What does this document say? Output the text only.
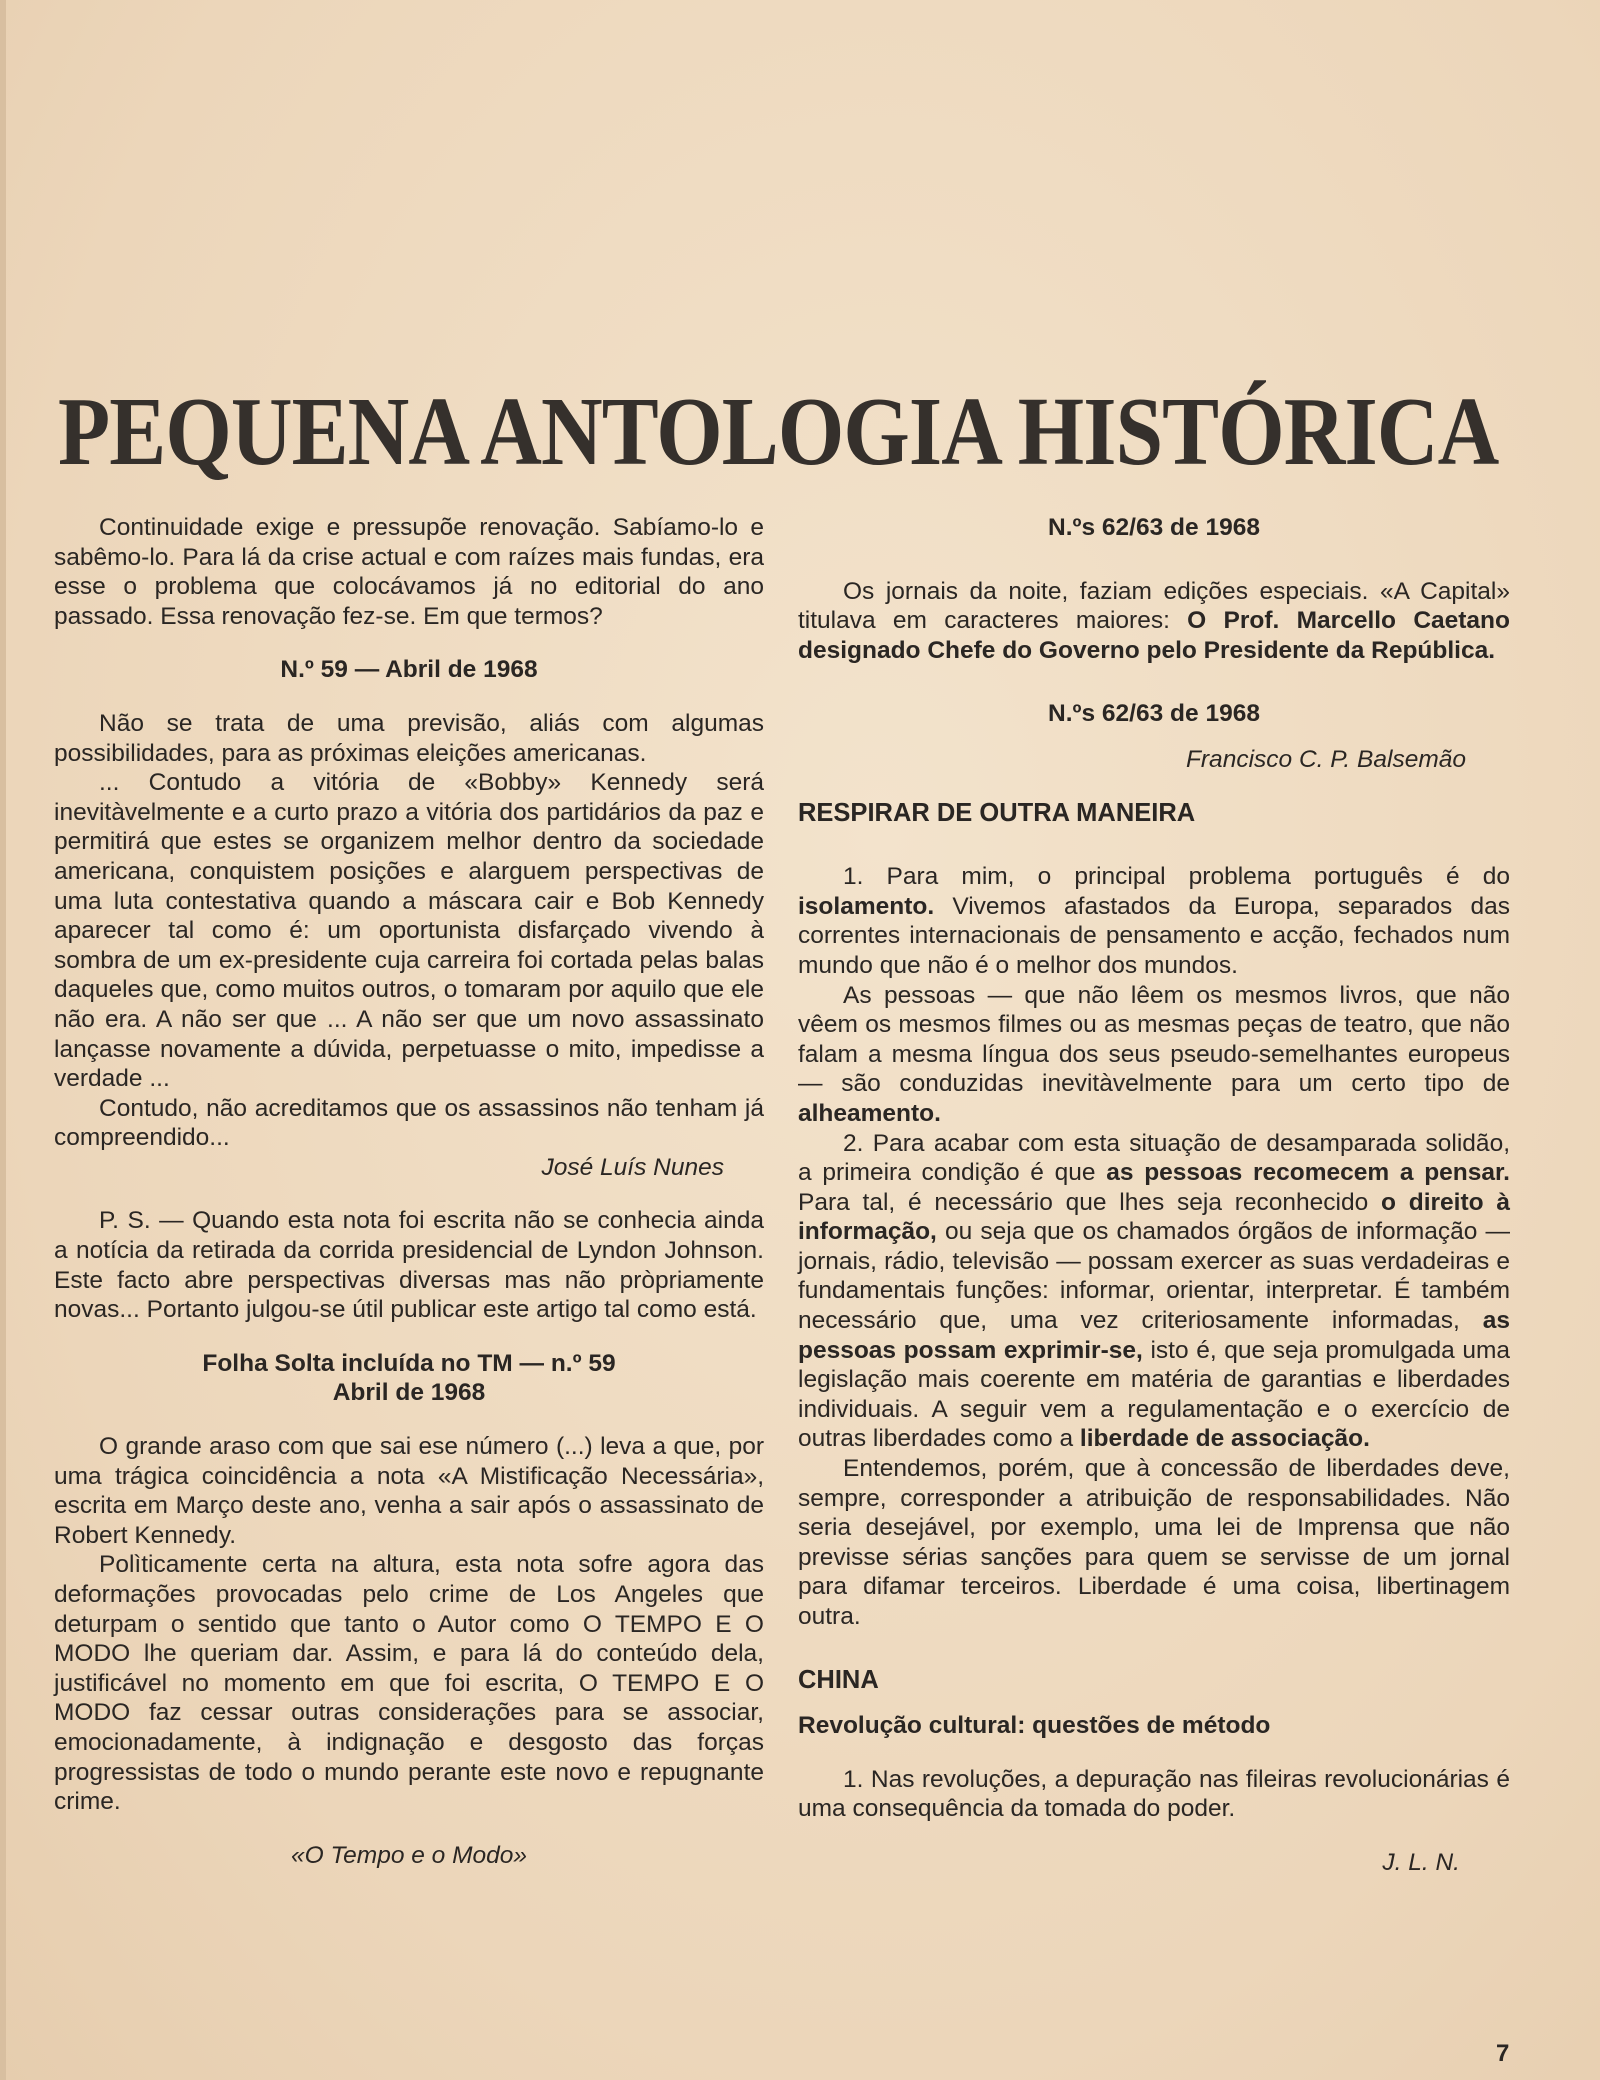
PEQUENA ANTOLOGIA HISTÓRICA

Continuidade exige e pressupõe renovação. Sabíamo-lo e sabêmo-lo. Para lá da crise actual e com raízes mais fundas, era esse o problema que colocávamos já no editorial do ano passado. Essa renovação fez-se. Em que termos?

N.º 59 — Abril de 1968

Não se trata de uma previsão, aliás com algumas possibilidades, para as próximas eleições americanas.

... Contudo a vitória de «Bobby» Kennedy será inevitàvelmente e a curto prazo a vitória dos partidários da paz e permitirá que estes se organizem melhor dentro da sociedade americana, conquistem posições e alarguem perspectivas de uma luta contestativa quando a máscara cair e Bob Kennedy aparecer tal como é: um oportunista disfarçado vivendo à sombra de um ex-presidente cuja carreira foi cortada pelas balas daqueles que, como muitos outros, o tomaram por aquilo que ele não era. A não ser que ... A não ser que um novo assassinato lançasse novamente a dúvida, perpetuasse o mito, impedisse a verdade ...

Contudo, não acreditamos que os assassinos não tenham já compreendido...

José Luís Nunes

P. S. — Quando esta nota foi escrita não se conhecia ainda a notícia da retirada da corrida presidencial de Lyndon Johnson. Este facto abre perspectivas diversas mas não pròpriamente novas... Portanto julgou-se útil publicar este artigo tal como está.

Folha Solta incluída no TM — n.º 59

Abril de 1968

O grande araso com que sai ese número (...) leva a que, por uma trágica coincidência a nota «A Mistificação Necessária», escrita em Março deste ano, venha a sair após o assassinato de Robert Kennedy.

Polìticamente certa na altura, esta nota sofre agora das deformações provocadas pelo crime de Los Angeles que deturpam o sentido que tanto o Autor como O TEMPO E O MODO lhe queriam dar. Assim, e para lá do conteúdo dela, justificável no momento em que foi escrita, O TEMPO E O MODO faz cessar outras considerações para se associar, emocionadamente, à indignação e desgosto das forças progressistas de todo o mundo perante este novo e repugnante crime.

«O Tempo e o Modo»

N.ºs 62/63 de 1968

Os jornais da noite, faziam edições especiais. «A Capital» titulava em caracteres maiores: O Prof. Marcello Caetano designado Chefe do Governo pelo Presidente da República.

N.ºs 62/63 de 1968

Francisco C. P. Balsemão

RESPIRAR DE OUTRA MANEIRA

1. Para mim, o principal problema português é do isolamento. Vivemos afastados da Europa, separados das correntes internacionais de pensamento e acção, fechados num mundo que não é o melhor dos mundos.

As pessoas — que não lêem os mesmos livros, que não vêem os mesmos filmes ou as mesmas peças de teatro, que não falam a mesma língua dos seus pseudo-semelhantes europeus — são conduzidas inevitàvelmente para um certo tipo de alheamento.

2. Para acabar com esta situação de desamparada solidão, a primeira condição é que as pessoas recomecem a pensar. Para tal, é necessário que lhes seja reconhecido o direito à informação, ou seja que os chamados órgãos de informação — jornais, rádio, televisão — possam exercer as suas verdadeiras e fundamentais funções: informar, orientar, interpretar. É também necessário que, uma vez criteriosamente informadas, as pessoas possam exprimir-se, isto é, que seja promulgada uma legislação mais coerente em matéria de garantias e liberdades individuais. A seguir vem a regulamentação e o exercício de outras liberdades como a liberdade de associação.

Entendemos, porém, que à concessão de liberdades deve, sempre, corresponder a atribuição de responsabilidades. Não seria desejável, por exemplo, uma lei de Imprensa que não previsse sérias sanções para quem se servisse de um jornal para difamar terceiros. Liberdade é uma coisa, libertinagem outra.

CHINA

Revolução cultural: questões de método

1. Nas revoluções, a depuração nas fileiras revolucionárias é uma consequência da tomada do poder.

J. L. N.

7
